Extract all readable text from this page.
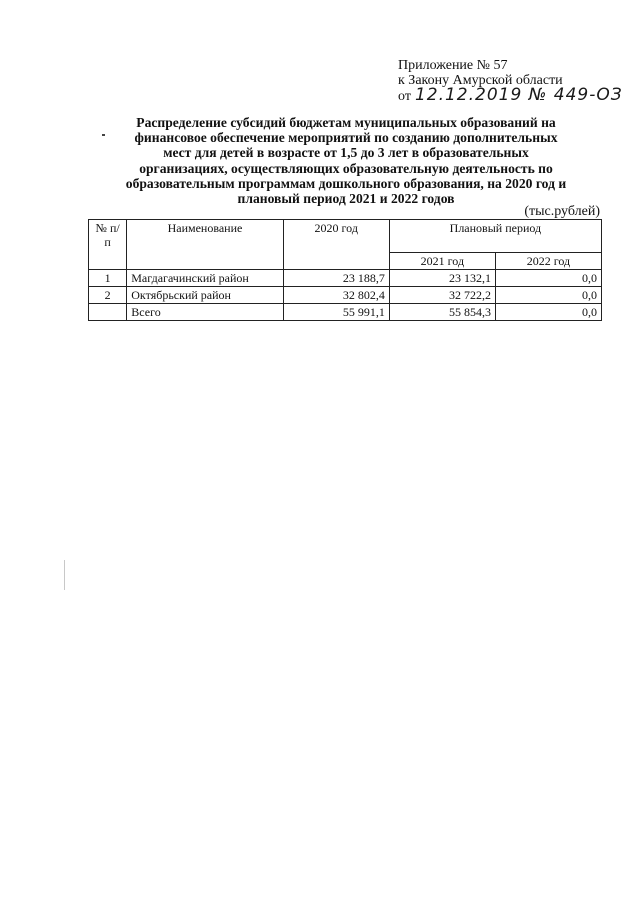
Приложение № 57
к Закону Амурской области
от 12.12.2019 № 449-ОЗ
Распределение субсидий бюджетам муниципальных образований на
финансовое обеспечение мероприятий по созданию дополнительных
мест для детей в возрасте от 1,5 до 3 лет в образовательных
организациях, осуществляющих образовательную деятельность по
образовательным программам дошкольного образования, на 2020 год и
плановый период 2021 и 2022 годов
(тыс.рублей)
№ п/п	Наименование	2020 год	Плановый период	
			2021 год	2022 год
1	Магдагачинский район	23 188,7	23 132,1	0,0
2	Октябрьский район	32 802,4	32 722,2	0,0
	Всего	55 991,1	55 854,3	0,0
